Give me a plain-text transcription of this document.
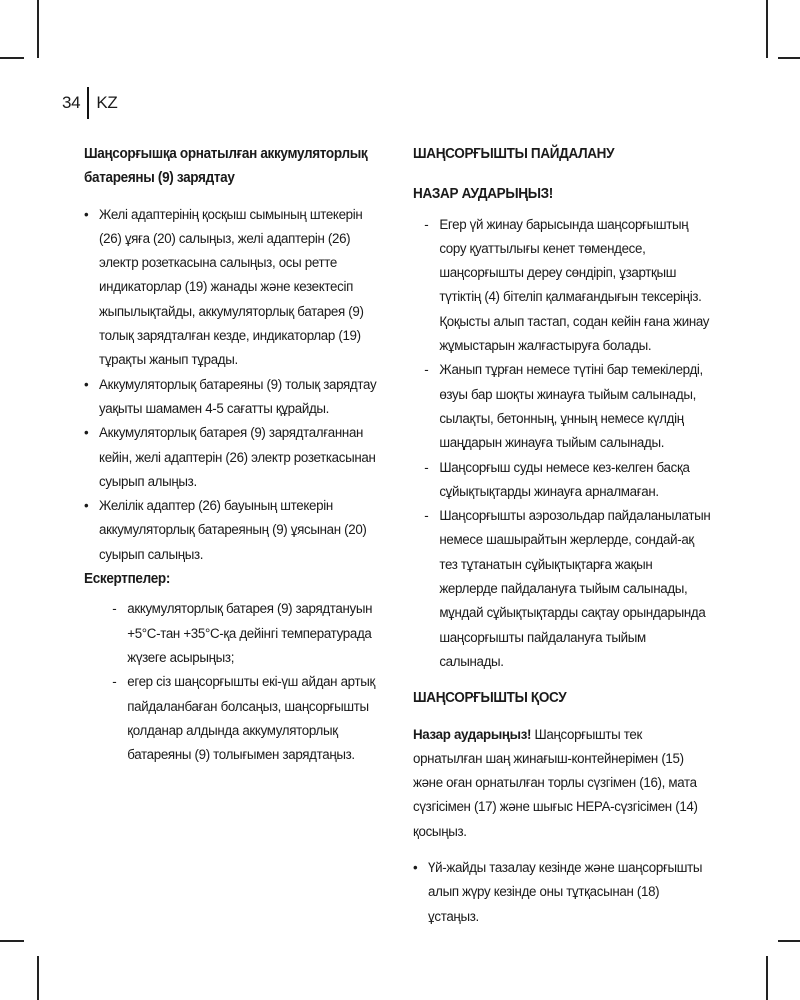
34 KZ
Шаңсорғышқа орнатылған аккумуляторлық батареяны (9) зарядтау
• Желі адаптерінің қосқыш сымының штекерін (26) ұяға (20) салыңыз, желі адаптерін (26) электр розеткасына салыңыз, осы ретте индикаторлар (19) жанады және кезектесіп жыпылықтайды, аккумуляторлық батарея (9) толық зарядталған кезде, индикаторлар (19) тұрақты жанып тұрады.
• Аккумуляторлық батареяны (9) толық зарядтау уақыты шамамен 4-5 сағатты құрайды.
• Аккумуляторлық батарея (9) зарядталғаннан кейін, желі адаптерін (26) электр розеткасынан суырып алыңыз.
• Желілік адаптер (26) бауының штекерін аккумуляторлық батареяның (9) ұясынан (20) суырып салыңыз.
Ескертпелер:
- аккумуляторлық батарея (9) зарядтануын +5°С-тан +35°С-қа дейінгі температурада жүзеге асырыңыз;
- егер сіз шаңсорғышты екі-үш айдан артық пайдаланбаған болсаңыз, шаңсорғышты қолданар алдында аккумуляторлық батареяны (9) толығымен зарядтаңыз.
ШАҢСОРҒЫШТЫ ПАЙДАЛАНУ
НАЗАР АУДАРЫҢЫЗ!
- Егер үй жинау барысында шаңсорғыштың сору қуаттылығы кенет төмендесе, шаңсорғышты дереу сөндіріп, ұзартқыш түтіктің (4) бітеліп қалмағандығын тексеріңіз. Қоқысты алып тастап, содан кейін ғана жинау жұмыстарын жалғастыруға болады.
- Жанып тұрған немесе түтіні бар темекілерді, өзуы бар шоқты жинауға тыйым салынады, сылақты, бетонның, ұнның немесе күлдің шаңдарын жинауға тыйым салынады.
- Шаңсорғыш суды немесе кез-келген басқа сұйықтықтарды жинауға арналмаған.
- Шаңсорғышты аэрозольдар пайдаланылатын немесе шашырайтын жерлерде, сондай-ақ тез тұтанатын сұйықтықтарға жақын жерлерде пайдалануға тыйым салынады, мұндай сұйықтықтарды сақтау орындарында шаңсорғышты пайдалануға тыйым салынады.
ШАҢСОРҒЫШТЫ ҚОСУ
Назар аударыңыз! Шаңсорғышты тек орнатылған шаң жинағыш-контейнерімен (15) және оған орнатылған торлы сүзгімен (16), мата сүзгісімен (17) және шығыс НЕРА-сүзгісімен (14) қосыңыз.
• Үй-жайды тазалау кезінде және шаңсорғышты алып жүру кезінде оны тұтқасынан (18) ұстаңыз.
